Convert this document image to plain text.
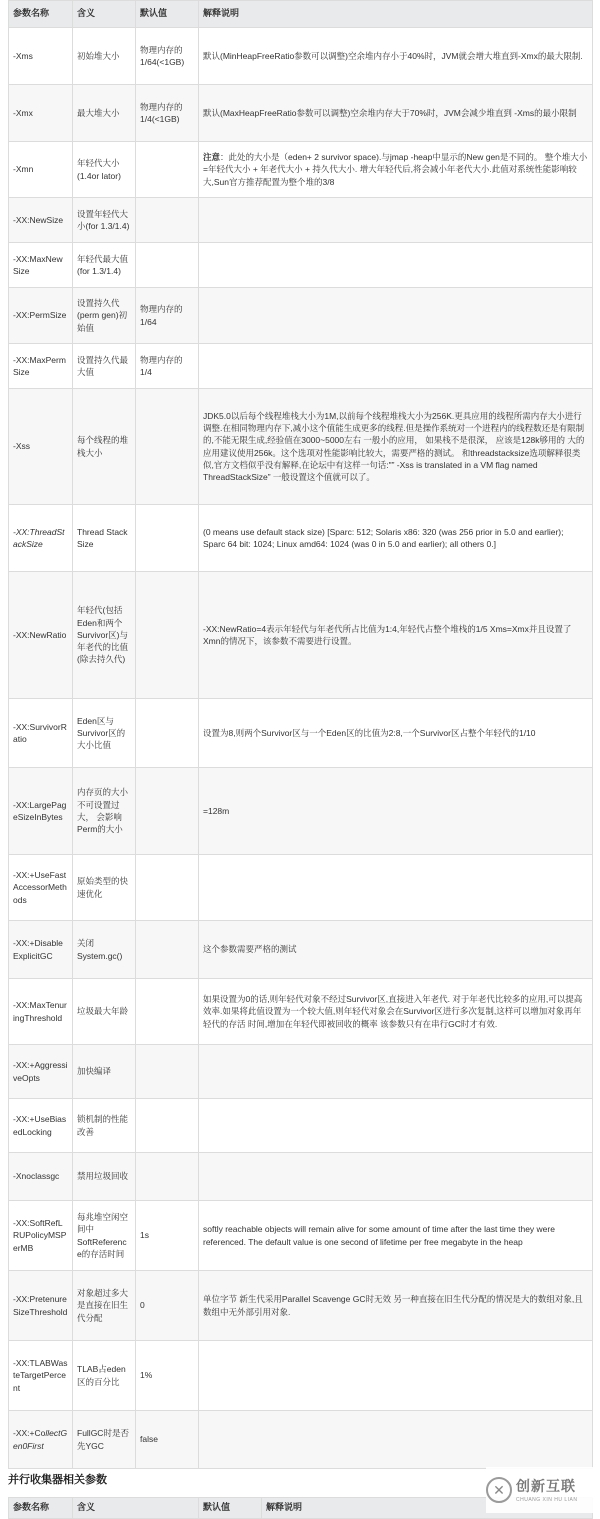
参数名称	含义	默认值	解释说明
-Xms	初始堆大小	物理内存的1/64(<1GB)	默认(MinHeapFreeRatio参数可以调整)空余堆内存小于40%时，JVM就会增大堆直到-Xmx的最大限制.
-Xmx	最大堆大小	物理内存的1/4(<1GB)	默认(MaxHeapFreeRatio参数可以调整)空余堆内存大于70%时，JVM会减少堆直到 -Xms的最小限制
-Xmn	年轻代大小(1.4or lator)		注意：此处的大小是（eden+ 2 survivor space).与jmap -heap中显示的New gen是不同的。 整个堆大小=年轻代大小 + 年老代大小 + 持久代大小. 增大年轻代后,将会减小年老代大小.此值对系统性能影响较大,Sun官方推荐配置为整个堆的3/8
-XX:NewSize	设置年轻代大小(for 1.3/1.4)		
-XX:MaxNewSize	年轻代最大值(for 1.3/1.4)		
-XX:PermSize	设置持久代(perm gen)初始值	物理内存的1/64	
-XX:MaxPermSize	设置持久代最大值	物理内存的1/4	
-Xss	每个线程的堆栈大小		JDK5.0以后每个线程堆栈大小为1M,以前每个线程堆栈大小为256K.更具应用的线程所需内存大小进行 调整.在相同物理内存下,减小这个值能生成更多的线程.但是操作系统对一个进程内的线程数还是有限制的,不能无限生成,经验值在3000~5000左右 一般小的应用， 如果栈不是很深， 应该是128k够用的 大的应用建议使用256k。这个选项对性能影响比较大，需要严格的测试。 和threadstacksize选项解释很类似,官方文档似乎没有解释,在论坛中有这样一句话:"” -Xss is translated in a VM flag named ThreadStackSize” 一般设置这个值就可以了。
-XX:ThreadStackSize	Thread Stack Size		(0 means use default stack size) [Sparc: 512; Solaris x86: 320 (was 256 prior in 5.0 and earlier); Sparc 64 bit: 1024; Linux amd64: 1024 (was 0 in 5.0 and earlier); all others 0.]
-XX:NewRatio	年轻代(包括Eden和两个Survivor区)与年老代的比值(除去持久代)		-XX:NewRatio=4表示年轻代与年老代所占比值为1:4,年轻代占整个堆栈的1/5 Xms=Xmx并且设置了Xmn的情况下，该参数不需要进行设置。
-XX:SurvivorRatio	Eden区与Survivor区的大小比值		设置为8,则两个Survivor区与一个Eden区的比值为2:8,一个Survivor区占整个年轻代的1/10
-XX:LargePageSizeInBytes	内存页的大小不可设置过大， 会影响Perm的大小		=128m
-XX:+UseFastAccessorMethods	原始类型的快速优化		
-XX:+DisableExplicitGC	关闭System.gc()		这个参数需要严格的测试
-XX:MaxTenuringThreshold	垃圾最大年龄		如果设置为0的话,则年轻代对象不经过Survivor区,直接进入年老代. 对于年老代比较多的应用,可以提高效率.如果将此值设置为一个较大值,则年轻代对象会在Survivor区进行多次复制,这样可以增加对象再年轻代的存活 时间,增加在年轻代即被回收的概率 该参数只有在串行GC时才有效.
-XX:+AggressiveOpts	加快编译		
-XX:+UseBiasedLocking	锁机制的性能改善		
-Xnoclassgc	禁用垃圾回收		
-XX:SoftRefLRUPolicyMSPerMB	每兆堆空闲空间中SoftReference的存活时间	1s	softly reachable objects will remain alive for some amount of time after the last time they were referenced. The default value is one second of lifetime per free megabyte in the heap
-XX:PretenureSizeThreshold	对象超过多大是直接在旧生代分配	0	单位字节 新生代采用Parallel Scavenge GC时无效 另一种直接在旧生代分配的情况是大的数组对象,且数组中无外部引用对象.
-XX:TLABWasteTargetPercent	TLAB占eden区的百分比	1%	
-XX:+CollectGen0First	FullGC时是否先YGC	false	
并行收集器相关参数
参数名称	含义	默认值	解释说明
✕ 创新互联
CHUANG XIN HU LIAN
